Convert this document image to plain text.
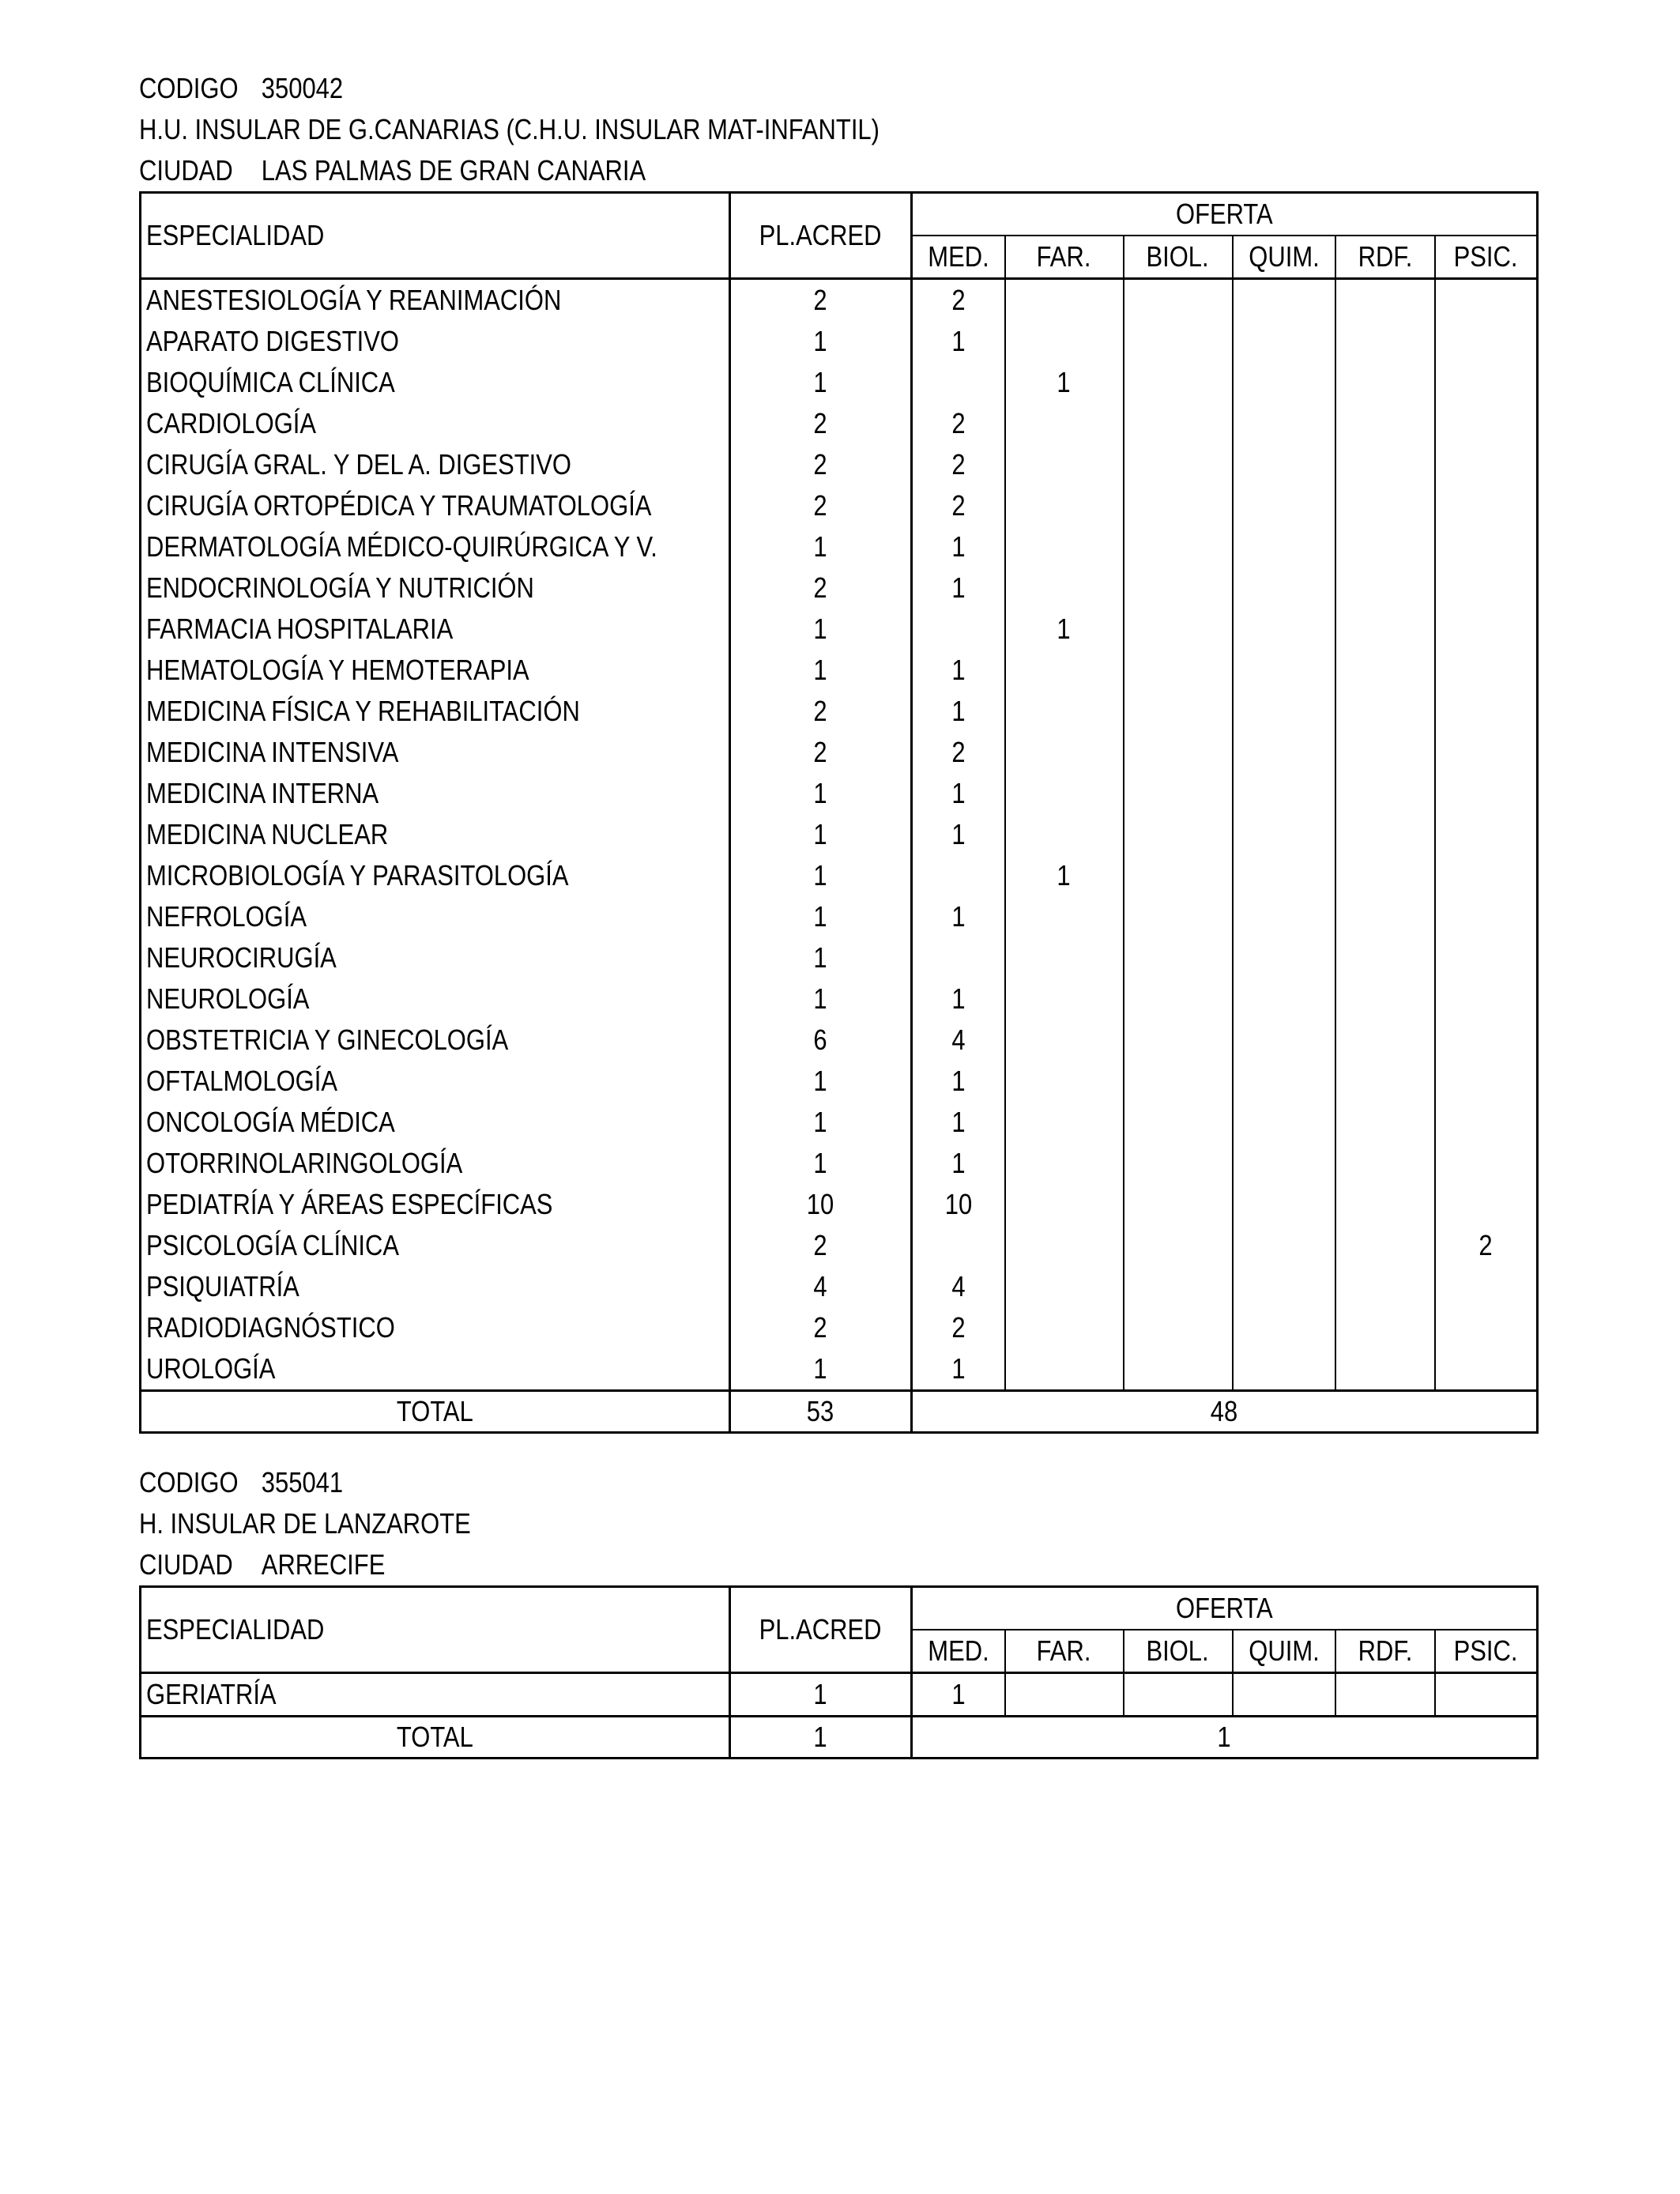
CODIGO 350042
H.U. INSULAR DE G.CANARIAS (C.H.U. INSULAR MAT-INFANTIL)
CIUDAD LAS PALMAS DE GRAN CANARIA
ESPECIALIDAD	PL.ACRED	OFERTA					
		MED.	FAR.	BIOL.	QUIM.	RDF.	PSIC.
ANESTESIOLOGÍA Y REANIMACIÓN	2	2					
APARATO DIGESTIVO	1	1					
BIOQUÍMICA CLÍNICA	1		1				
CARDIOLOGÍA	2	2					
CIRUGÍA GRAL. Y DEL A. DIGESTIVO	2	2					
CIRUGÍA ORTOPÉDICA Y TRAUMATOLOGÍA	2	2					
DERMATOLOGÍA MÉDICO-QUIRÚRGICA Y V.	1	1					
ENDOCRINOLOGÍA Y NUTRICIÓN	2	1					
FARMACIA HOSPITALARIA	1		1				
HEMATOLOGÍA Y HEMOTERAPIA	1	1					
MEDICINA FÍSICA Y REHABILITACIÓN	2	1					
MEDICINA INTENSIVA	2	2					
MEDICINA INTERNA	1	1					
MEDICINA NUCLEAR	1	1					
MICROBIOLOGÍA Y PARASITOLOGÍA	1		1				
NEFROLOGÍA	1	1					
NEUROCIRUGÍA	1						
NEUROLOGÍA	1	1					
OBSTETRICIA Y GINECOLOGÍA	6	4					
OFTALMOLOGÍA	1	1					
ONCOLOGÍA MÉDICA	1	1					
OTORRINOLARINGOLOGÍA	1	1					
PEDIATRÍA Y ÁREAS ESPECÍFICAS	10	10					
PSICOLOGÍA CLÍNICA	2						2
PSIQUIATRÍA	4	4					
RADIODIAGNÓSTICO	2	2					
UROLOGÍA	1	1					
TOTAL	53	48					
CODIGO 355041
H. INSULAR DE LANZAROTE
CIUDAD ARRECIFE
ESPECIALIDAD	PL.ACRED	OFERTA					
		MED.	FAR.	BIOL.	QUIM.	RDF.	PSIC.
GERIATRÍA	1	1					
TOTAL	1	1					
